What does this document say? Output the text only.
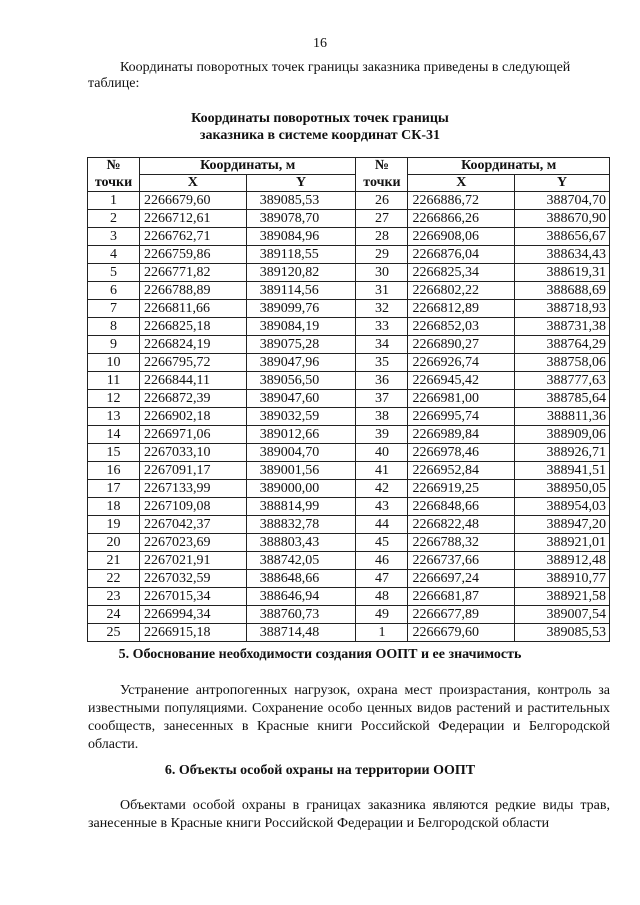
16
Координаты поворотных точек границы заказника приведены в следующей таблице:
Координаты поворотных точек границы
заказника в системе координат СК-31
№	Координаты, м		№	Координаты, м	
точки	X	Y	точки	X	Y
1	2266679,60	389085,53	26	2266886,72	388704,70
2	2266712,61	389078,70	27	2266866,26	388670,90
3	2266762,71	389084,96	28	2266908,06	388656,67
4	2266759,86	389118,55	29	2266876,04	388634,43
5	2266771,82	389120,82	30	2266825,34	388619,31
6	2266788,89	389114,56	31	2266802,22	388688,69
7	2266811,66	389099,76	32	2266812,89	388718,93
8	2266825,18	389084,19	33	2266852,03	388731,38
9	2266824,19	389075,28	34	2266890,27	388764,29
10	2266795,72	389047,96	35	2266926,74	388758,06
11	2266844,11	389056,50	36	2266945,42	388777,63
12	2266872,39	389047,60	37	2266981,00	388785,64
13	2266902,18	389032,59	38	2266995,74	388811,36
14	2266971,06	389012,66	39	2266989,84	388909,06
15	2267033,10	389004,70	40	2266978,46	388926,71
16	2267091,17	389001,56	41	2266952,84	388941,51
17	2267133,99	389000,00	42	2266919,25	388950,05
18	2267109,08	388814,99	43	2266848,66	388954,03
19	2267042,37	388832,78	44	2266822,48	388947,20
20	2267023,69	388803,43	45	2266788,32	388921,01
21	2267021,91	388742,05	46	2266737,66	388912,48
22	2267032,59	388648,66	47	2266697,24	388910,77
23	2267015,34	388646,94	48	2266681,87	388921,58
24	2266994,34	388760,73	49	2266677,89	389007,54
25	2266915,18	388714,48	1	2266679,60	389085,53
5. Обоснование необходимости создания ООПТ и ее значимость
Устранение антропогенных нагрузок, охрана мест произрастания, контроль за известными популяциями. Сохранение особо ценных видов растений и растительных сообществ, занесенных в Красные книги Российской Федерации и Белгородской области.
6. Объекты особой охраны на территории ООПТ
Объектами особой охраны в границах заказника являются редкие виды трав, занесенные в Красные книги Российской Федерации и Белгородской области
